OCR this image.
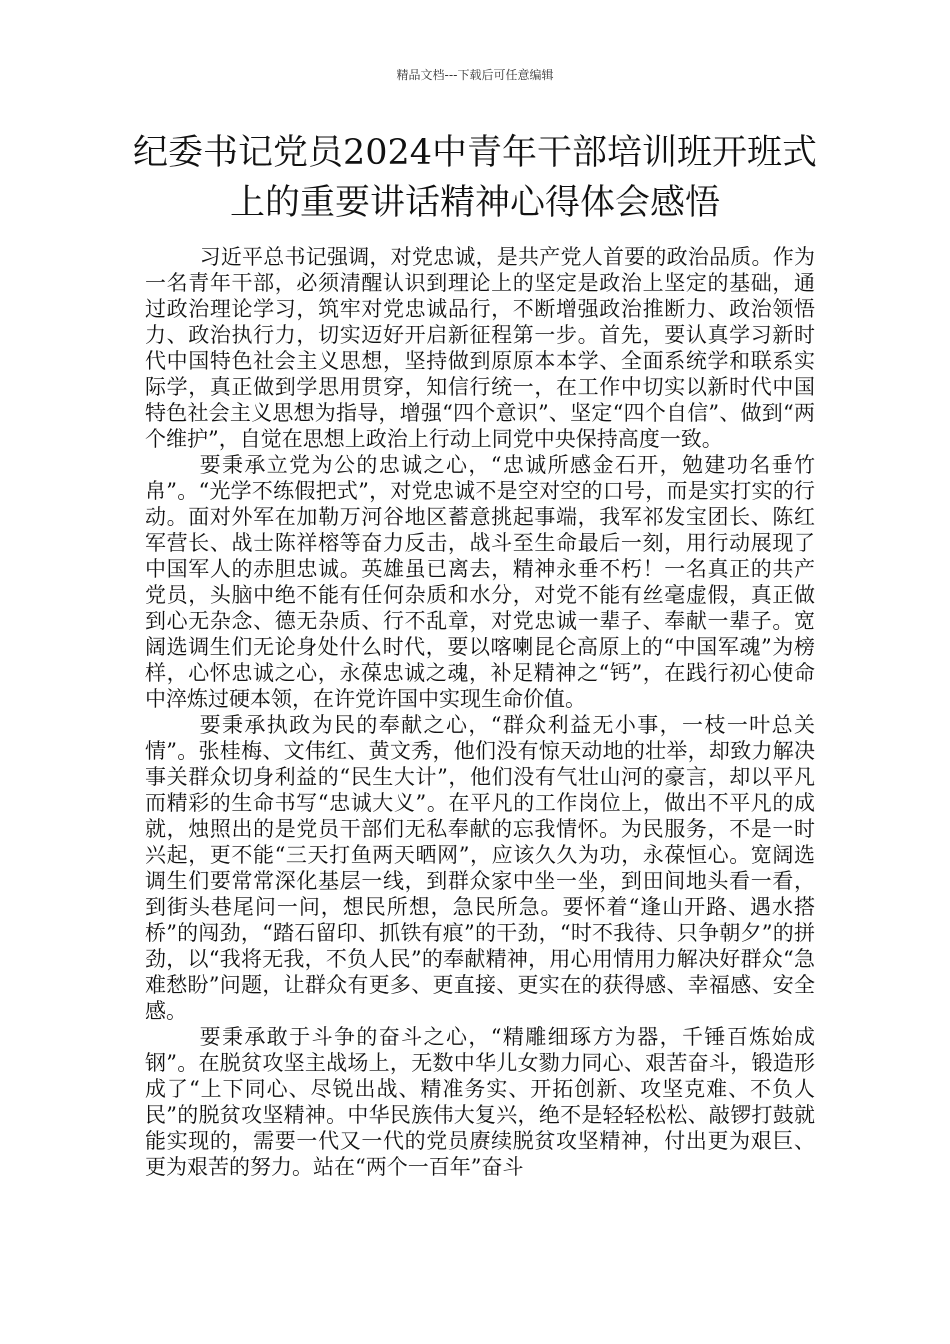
精品文档---下载后可任意编辑
纪委书记党员2024中青年干部培训班开班式上的重要讲话精神心得体会感悟

习近平总书记强调，对党忠诚，是共产党人首要的政治品质。作为一名青年干部，必须清醒认识到理论上的坚定是政治上坚定的基础，通过政治理论学习，筑牢对党忠诚品行，不断增强政治推断力、政治领悟力、政治执行力，切实迈好开启新征程第一步。首先，要认真学习新时代中国特色社会主义思想，坚持做到原原本本学、全面系统学和联系实际学，真正做到学思用贯穿，知信行统一，在工作中切实以新时代中国特色社会主义思想为指导，增强“四个意识”、坚定“四个自信”、做到“两个维护”，自觉在思想上政治上行动上同党中央保持高度一致。

要秉承立党为公的忠诚之心，“忠诚所感金石开，勉建功名垂竹帛”。“光学不练假把式”，对党忠诚不是空对空的口号，而是实打实的行动。面对外军在加勒万河谷地区蓄意挑起事端，我军祁发宝团长、陈红军营长、战士陈祥榕等奋力反击，战斗至生命最后一刻，用行动展现了中国军人的赤胆忠诚。英雄虽已离去，精神永垂不朽！一名真正的共产党员，头脑中绝不能有任何杂质和水分，对党不能有丝毫虚假，真正做到心无杂念、德无杂质、行不乱章，对党忠诚一辈子、奉献一辈子。宽阔选调生们无论身处什么时代，要以喀喇昆仑高原上的“中国军魂”为榜样，心怀忠诚之心，永葆忠诚之魂，补足精神之“钙”，在践行初心使命中淬炼过硬本领，在许党许国中实现生命价值。

要秉承执政为民的奉献之心，“群众利益无小事，一枝一叶总关情”。张桂梅、文伟红、黄文秀，他们没有惊天动地的壮举，却致力解决事关群众切身利益的“民生大计”，他们没有气壮山河的豪言，却以平凡而精彩的生命书写“忠诚大义”。在平凡的工作岗位上，做出不平凡的成就，烛照出的是党员干部们无私奉献的忘我情怀。为民服务，不是一时兴起，更不能“三天打鱼两天晒网”，应该久久为功，永葆恒心。宽阔选调生们要常常深化基层一线，到群众家中坐一坐，到田间地头看一看，到街头巷尾问一问，想民所想，急民所急。要怀着“逢山开路、遇水搭桥”的闯劲，“踏石留印、抓铁有痕”的干劲，“时不我待、只争朝夕”的拼劲，以“我将无我，不负人民”的奉献精神，用心用情用力解决好群众“急难愁盼”问题，让群众有更多、更直接、更实在的获得感、幸福感、安全感。

要秉承敢于斗争的奋斗之心，“精雕细琢方为器，千锤百炼始成钢”。在脱贫攻坚主战场上，无数中华儿女勠力同心、艰苦奋斗，锻造形成了“上下同心、尽锐出战、精准务实、开拓创新、攻坚克难、不负人民”的脱贫攻坚精神。中华民族伟大复兴，绝不是轻轻松松、敲锣打鼓就能实现的，需要一代又一代的党员赓续脱贫攻坚精神，付出更为艰巨、更为艰苦的努力。站在“两个一百年”奋斗
